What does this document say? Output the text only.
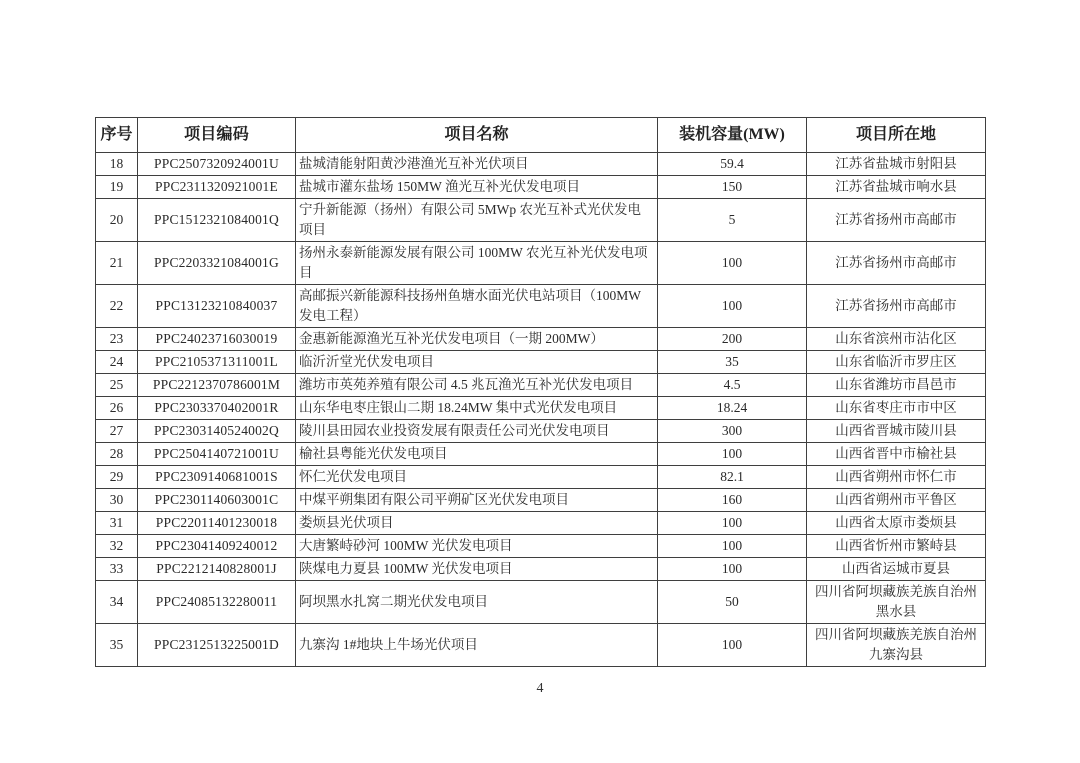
序号	项目编码	项目名称	装机容量(MW)	项目所在地
18	PPC2507320924001U	盐城清能射阳黄沙港渔光互补光伏项目	59.4	江苏省盐城市射阳县
19	PPC2311320921001E	盐城市灌东盐场 150MW 渔光互补光伏发电项目	150	江苏省盐城市响水县
20	PPC1512321084001Q	宁升新能源（扬州）有限公司 5MWp 农光互补式光伏发电项目	5	江苏省扬州市高邮市
21	PPC2203321084001G	扬州永泰新能源发展有限公司 100MW 农光互补光伏发电项目	100	江苏省扬州市高邮市
22	PPC13123210840037	高邮振兴新能源科技扬州鱼塘水面光伏电站项目（100MW 发电工程）	100	江苏省扬州市高邮市
23	PPC24023716030019	金惠新能源渔光互补光伏发电项目（一期 200MW）	200	山东省滨州市沾化区
24	PPC2105371311001L	临沂沂堂光伏发电项目	35	山东省临沂市罗庄区
25	PPC2212370786001M	潍坊市英苑养殖有限公司 4.5 兆瓦渔光互补光伏发电项目	4.5	山东省潍坊市昌邑市
26	PPC2303370402001R	山东华电枣庄银山二期 18.24MW 集中式光伏发电项目	18.24	山东省枣庄市市中区
27	PPC2303140524002Q	陵川县田园农业投资发展有限责任公司光伏发电项目	300	山西省晋城市陵川县
28	PPC2504140721001U	榆社县粤能光伏发电项目	100	山西省晋中市榆社县
29	PPC2309140681001S	怀仁光伏发电项目	82.1	山西省朔州市怀仁市
30	PPC2301140603001C	中煤平朔集团有限公司平朔矿区光伏发电项目	160	山西省朔州市平鲁区
31	PPC22011401230018	娄烦县光伏项目	100	山西省太原市娄烦县
32	PPC23041409240012	大唐繁峙砂河 100MW 光伏发电项目	100	山西省忻州市繁峙县
33	PPC2212140828001J	陕煤电力夏县 100MW 光伏发电项目	100	山西省运城市夏县
34	PPC24085132280011	阿坝黑水扎窝二期光伏发电项目	50	四川省阿坝藏族羌族自治州黑水县
35	PPC2312513225001D	九寨沟 1#地块上牛场光伏项目	100	四川省阿坝藏族羌族自治州九寨沟县
4
